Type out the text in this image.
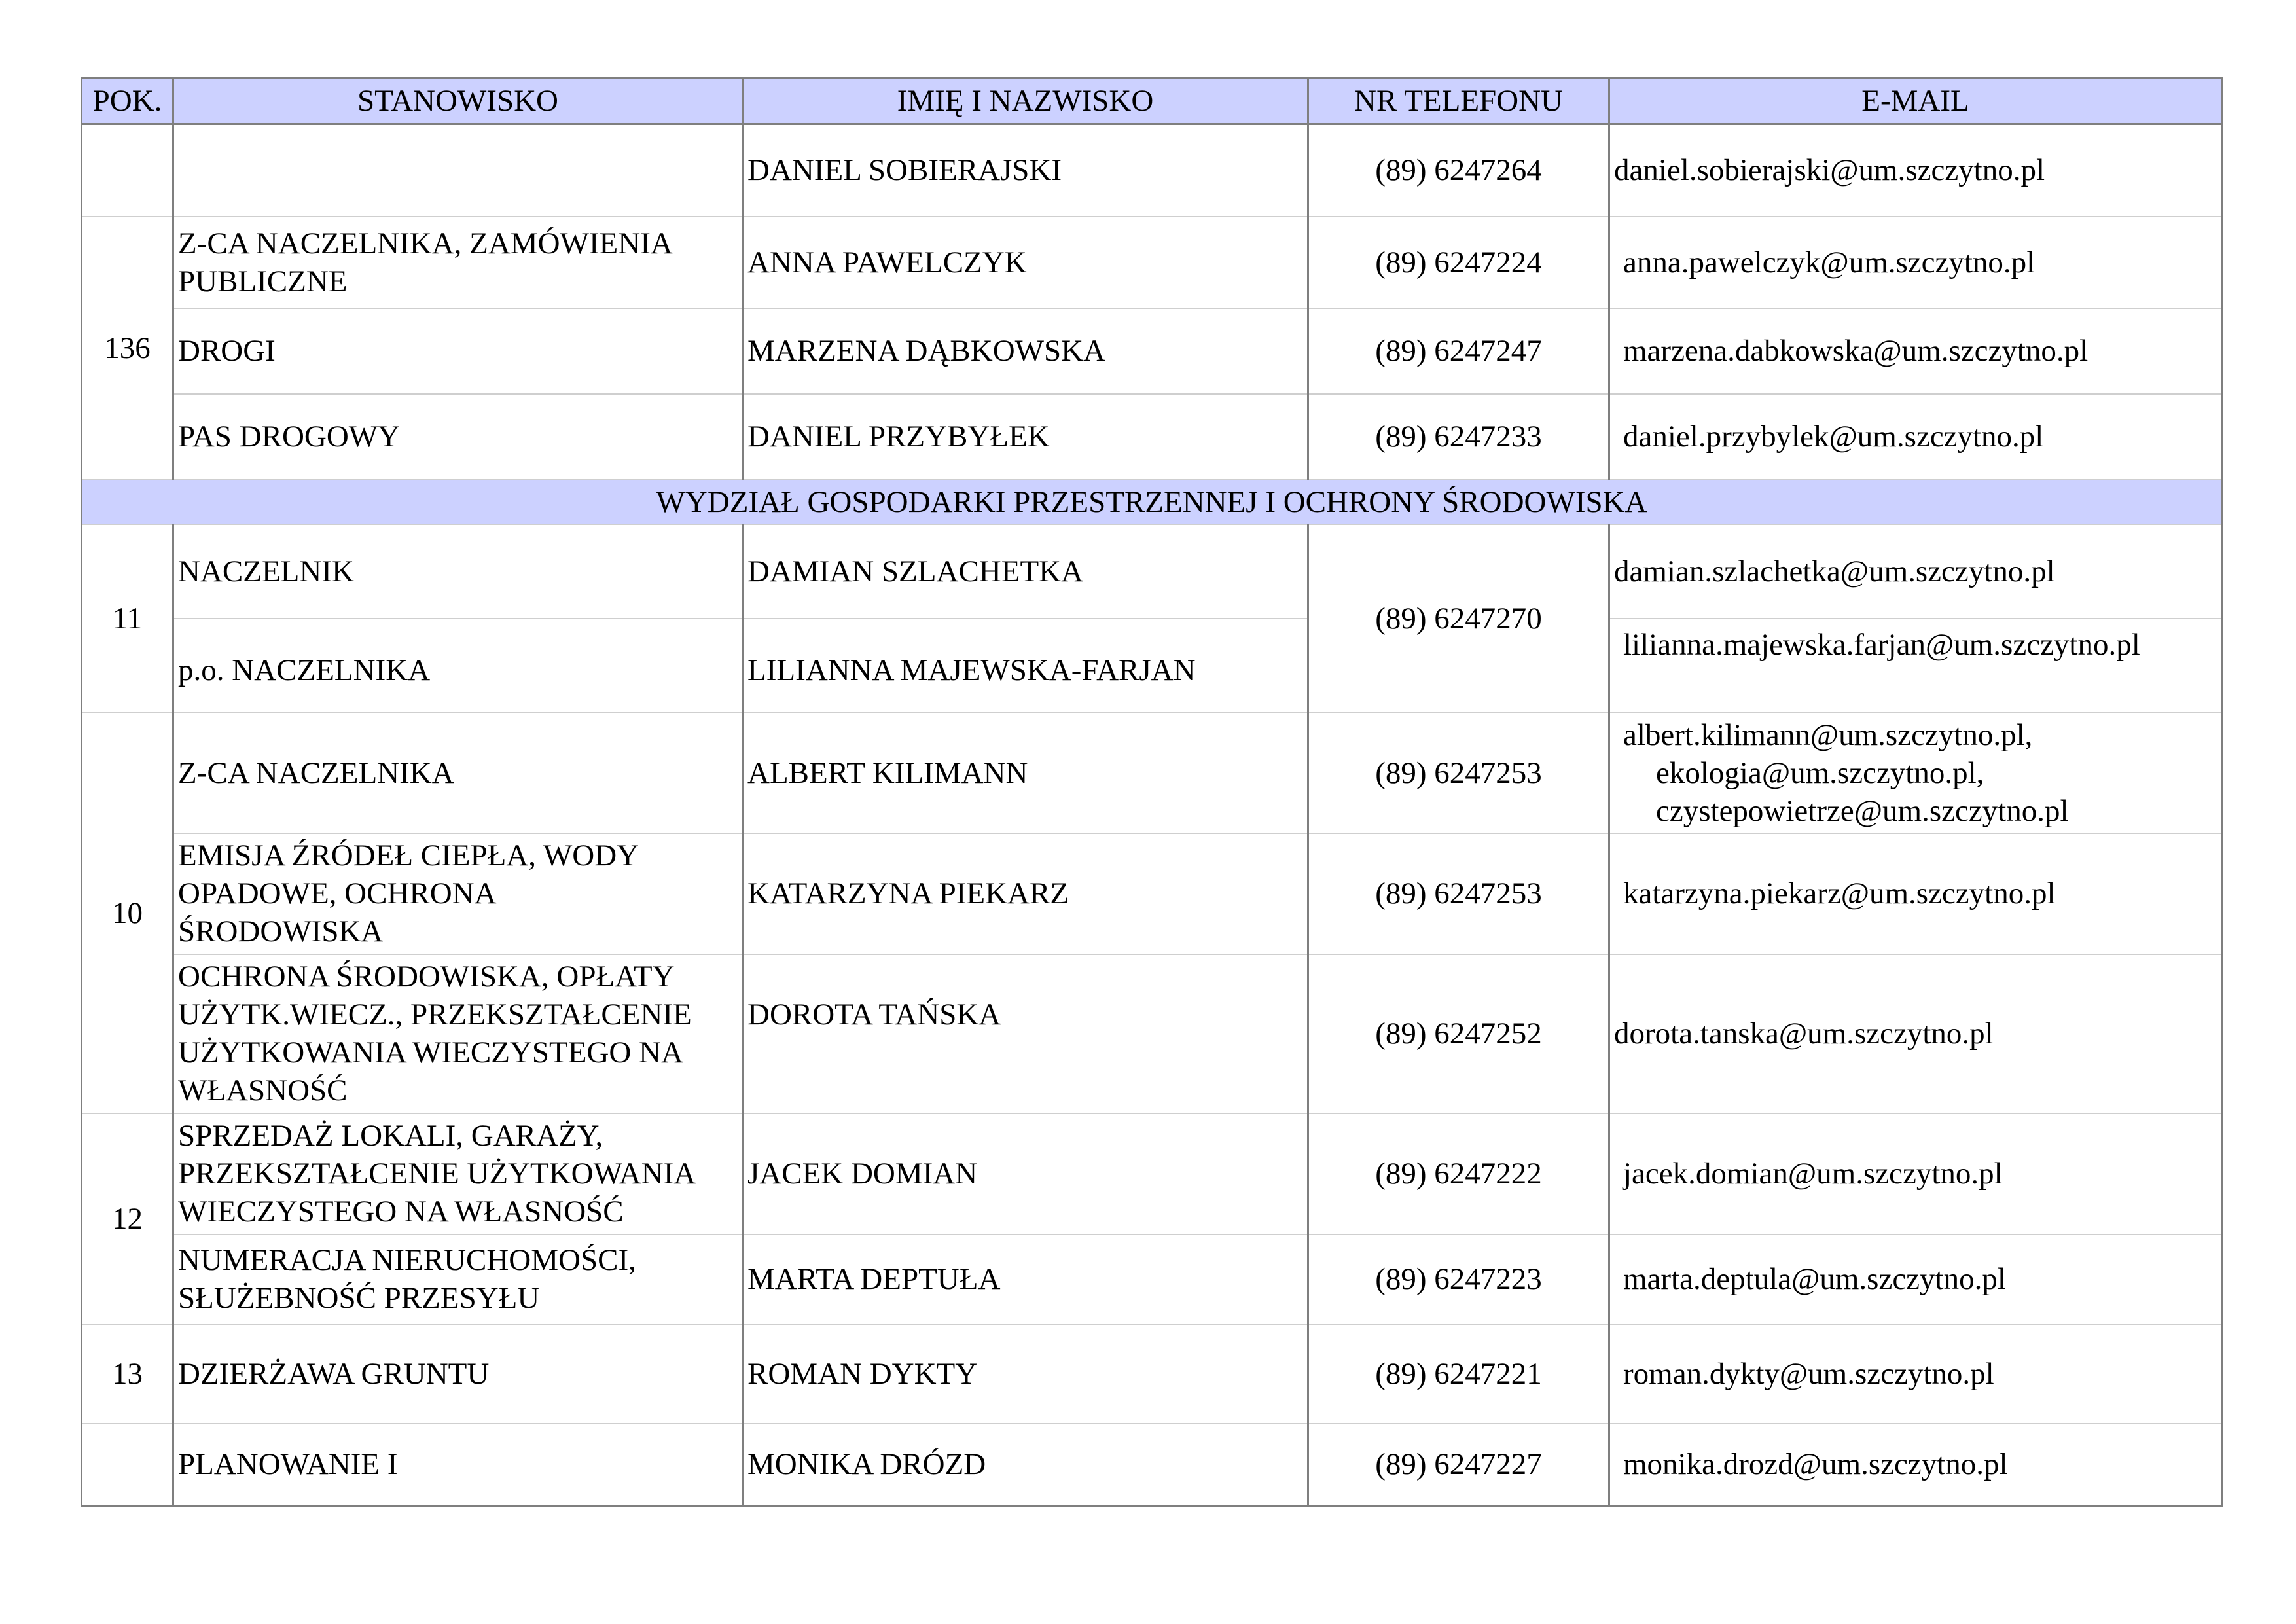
POK.	STANOWISKO	IMIĘ I NAZWISKO	NR TELEFONU	E-MAIL
		DANIEL SOBIERAJSKI	(89) 6247264	daniel.sobierajski@um.szczytno.pl
136	Z-CA NACZELNIKA, ZAMÓWIENIA PUBLICZNE	ANNA PAWELCZYK	(89) 6247224	anna.pawelczyk@um.szczytno.pl
	DROGI	MARZENA DĄBKOWSKA	(89) 6247247	marzena.dabkowska@um.szczytno.pl
	PAS DROGOWY	DANIEL PRZYBYŁEK	(89) 6247233	daniel.przybylek@um.szczytno.pl
WYDZIAŁ GOSPODARKI PRZESTRZENNEJ I OCHRONY ŚRODOWISKA				
11	NACZELNIK	DAMIAN SZLACHETKA	(89) 6247270	damian.szlachetka@um.szczytno.pl
	p.o. NACZELNIKA	LILIANNA MAJEWSKA-FARJAN		lilianna.majewska.farjan@um.szczytno.pl
10	Z-CA NACZELNIKA	ALBERT KILIMANN	(89) 6247253	albert.kilimann@um.szczytno.pl,
ekologia@um.szczytno.pl,
czystepowietrze@um.szczytno.pl

	EMISJA ŹRÓDEŁ CIEPŁA, WODY
OPADOWE, OCHRONA
ŚRODOWISKA	KATARZYNA PIEKARZ	(89) 6247253	katarzyna.piekarz@um.szczytno.pl

	OCHRONA ŚRODOWISKA, OPŁATY
UŻYTK.WIECZ., PRZEKSZTAŁCENIE
UŻYTKOWANIA WIECZYSTEGO NA
WŁASNOŚĆ	DOROTA TAŃSKA	(89) 6247252	dorota.tanska@um.szczytno.pl
12	SPRZEDAŻ LOKALI, GARAŻY,
PRZEKSZTAŁCENIE UŻYTKOWANIA
WIECZYSTEGO NA WŁASNOŚĆ	JACEK DOMIAN	(89) 6247222	jacek.domian@um.szczytno.pl

	NUMERACJA NIERUCHOMOŚCI,
SŁUŻEBNOŚĆ PRZESYŁU	MARTA DEPTUŁA	(89) 6247223	marta.deptula@um.szczytno.pl
13	DZIERŻAWA GRUNTU	ROMAN DYKTY	(89) 6247221	roman.dykty@um.szczytno.pl
	PLANOWANIE I	MONIKA DRÓZD	(89) 6247227	monika.drozd@um.szczytno.pl
